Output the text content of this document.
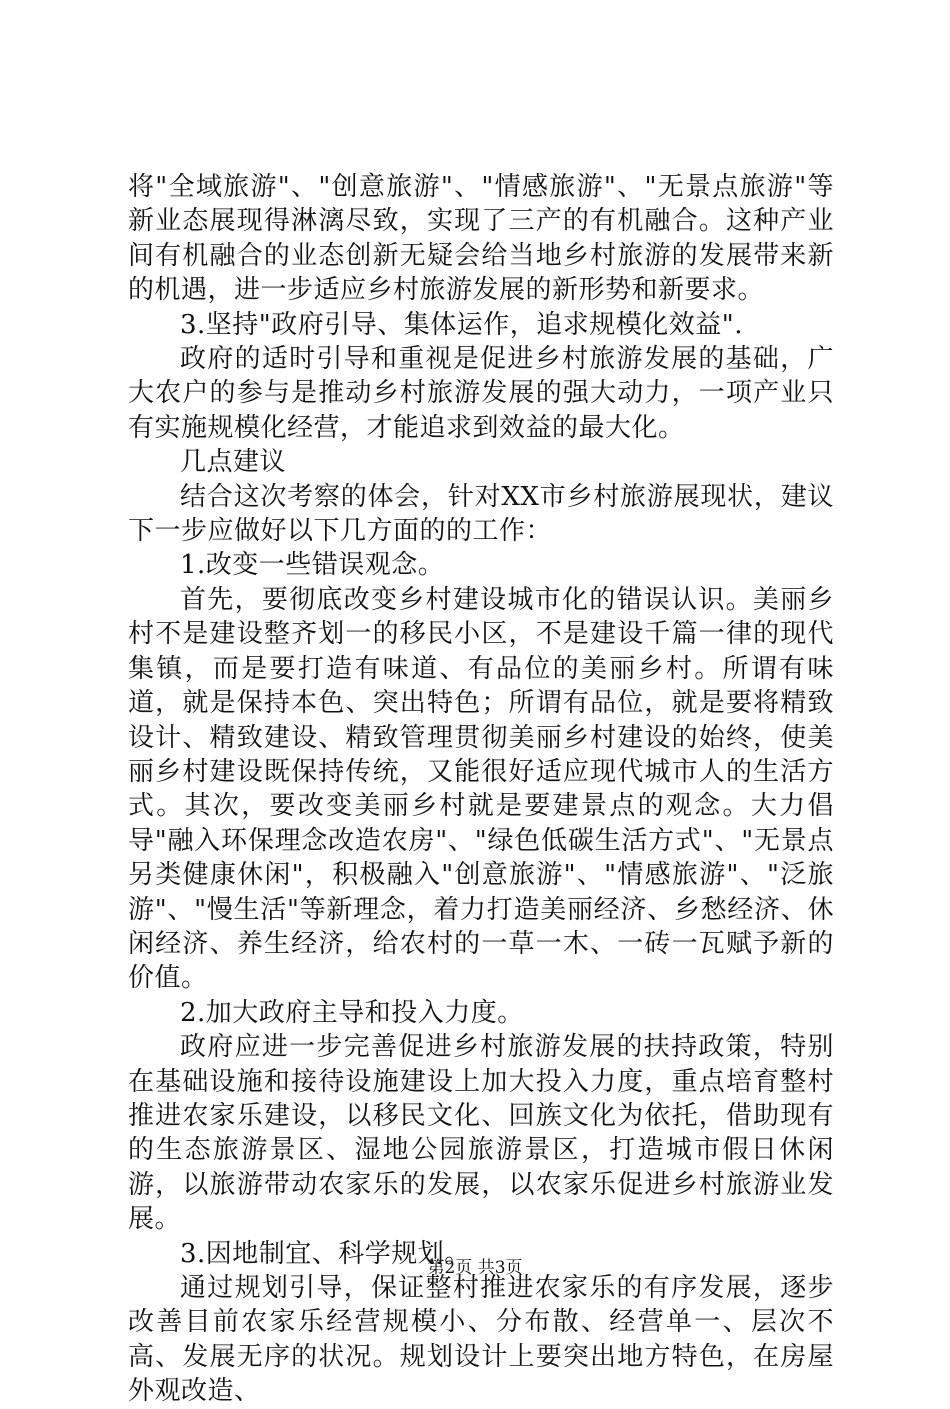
将"全域旅游"、"创意旅游"、"情感旅游"、"无景点旅游"等新业态展现得淋漓尽致，实现了三产的有机融合。这种产业间有机融合的业态创新无疑会给当地乡村旅游的发展带来新的机遇，进一步适应乡村旅游发展的新形势和新要求。

3.坚持"政府引导、集体运作，追求规模化效益".

政府的适时引导和重视是促进乡村旅游发展的基础，广大农户的参与是推动乡村旅游发展的强大动力，一项产业只有实施规模化经营，才能追求到效益的最大化。

几点建议

结合这次考察的体会，针对XX市乡村旅游展现状，建议下一步应做好以下几方面的的工作：

1.改变一些错误观念。

首先，要彻底改变乡村建设城市化的错误认识。美丽乡村不是建设整齐划一的移民小区，不是建设千篇一律的现代集镇，而是要打造有味道、有品位的美丽乡村。所谓有味道，就是保持本色、突出特色；所谓有品位，就是要将精致设计、精致建设、精致管理贯彻美丽乡村建设的始终，使美丽乡村建设既保持传统，又能很好适应现代城市人的生活方式。其次，要改变美丽乡村就是要建景点的观念。大力倡导"融入环保理念改造农房"、"绿色低碳生活方式"、"无景点另类健康休闲"，积极融入"创意旅游"、"情感旅游"、"泛旅游"、"慢生活"等新理念，着力打造美丽经济、乡愁经济、休闲经济、养生经济，给农村的一草一木、一砖一瓦赋予新的价值。

2.加大政府主导和投入力度。

政府应进一步完善促进乡村旅游发展的扶持政策，特别在基础设施和接待设施建设上加大投入力度，重点培育整村推进农家乐建设，以移民文化、回族文化为依托，借助现有的生态旅游景区、湿地公园旅游景区，打造城市假日休闲游，以旅游带动农家乐的发展，以农家乐促进乡村旅游业发展。

3.因地制宜、科学规划。

通过规划引导，保证整村推进农家乐的有序发展，逐步改善目前农家乐经营规模小、分布散、经营单一、层次不高、发展无序的状况。规划设计上要突出地方特色，在房屋外观改造、

第2页 共3页
